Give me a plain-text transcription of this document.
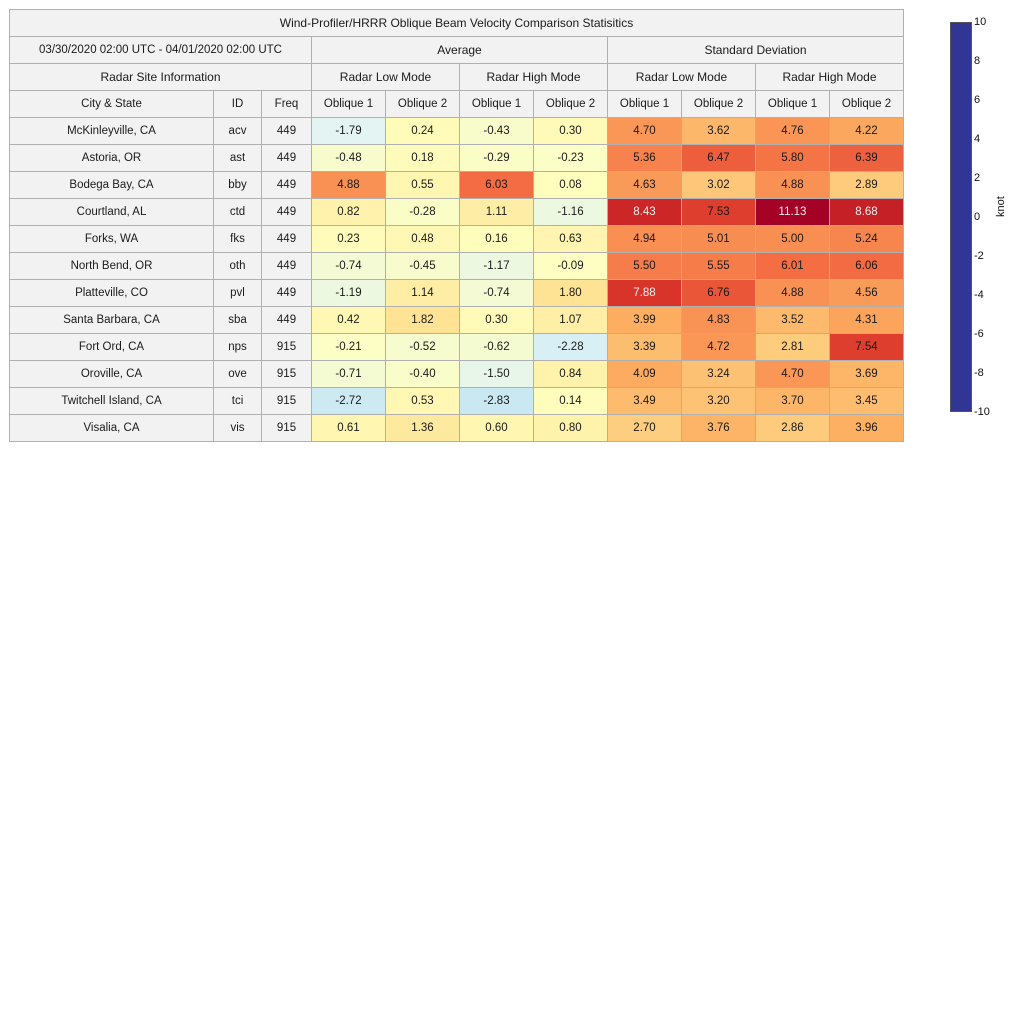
Wind-Profiler/HRRR Oblique Beam Velocity Comparison Statisitics										
03/30/2020 02:00 UTC - 04/01/2020 02:00 UTC			Average				Standard Deviation			
Radar Site Information			Radar Low Mode		Radar High Mode		Radar Low Mode		Radar High Mode	
City & State	ID	Freq	Oblique 1	Oblique 2	Oblique 1	Oblique 2	Oblique 1	Oblique 2	Oblique 1	Oblique 2
McKinleyville, CA	acv	449	-1.79	0.24	-0.43	0.30	4.70	3.62	4.76	4.22
Astoria, OR	ast	449	-0.48	0.18	-0.29	-0.23	5.36	6.47	5.80	6.39
Bodega Bay, CA	bby	449	4.88	0.55	6.03	0.08	4.63	3.02	4.88	2.89
Courtland, AL	ctd	449	0.82	-0.28	1.11	-1.16	8.43	7.53	11.13	8.68
Forks, WA	fks	449	0.23	0.48	0.16	0.63	4.94	5.01	5.00	5.24
North Bend, OR	oth	449	-0.74	-0.45	-1.17	-0.09	5.50	5.55	6.01	6.06
Platteville, CO	pvl	449	-1.19	1.14	-0.74	1.80	7.88	6.76	4.88	4.56
Santa Barbara, CA	sba	449	0.42	1.82	0.30	1.07	3.99	4.83	3.52	4.31
Fort Ord, CA	nps	915	-0.21	-0.52	-0.62	-2.28	3.39	4.72	2.81	7.54
Oroville, CA	ove	915	-0.71	-0.40	-1.50	0.84	4.09	3.24	4.70	3.69
Twitchell Island, CA	tci	915	-2.72	0.53	-2.83	0.14	3.49	3.20	3.70	3.45
Visalia, CA	vis	915	0.61	1.36	0.60	0.80	2.70	3.76	2.86	3.96
10
8
6
4
2
0
-2
-4
-6
-8
-10
knot
